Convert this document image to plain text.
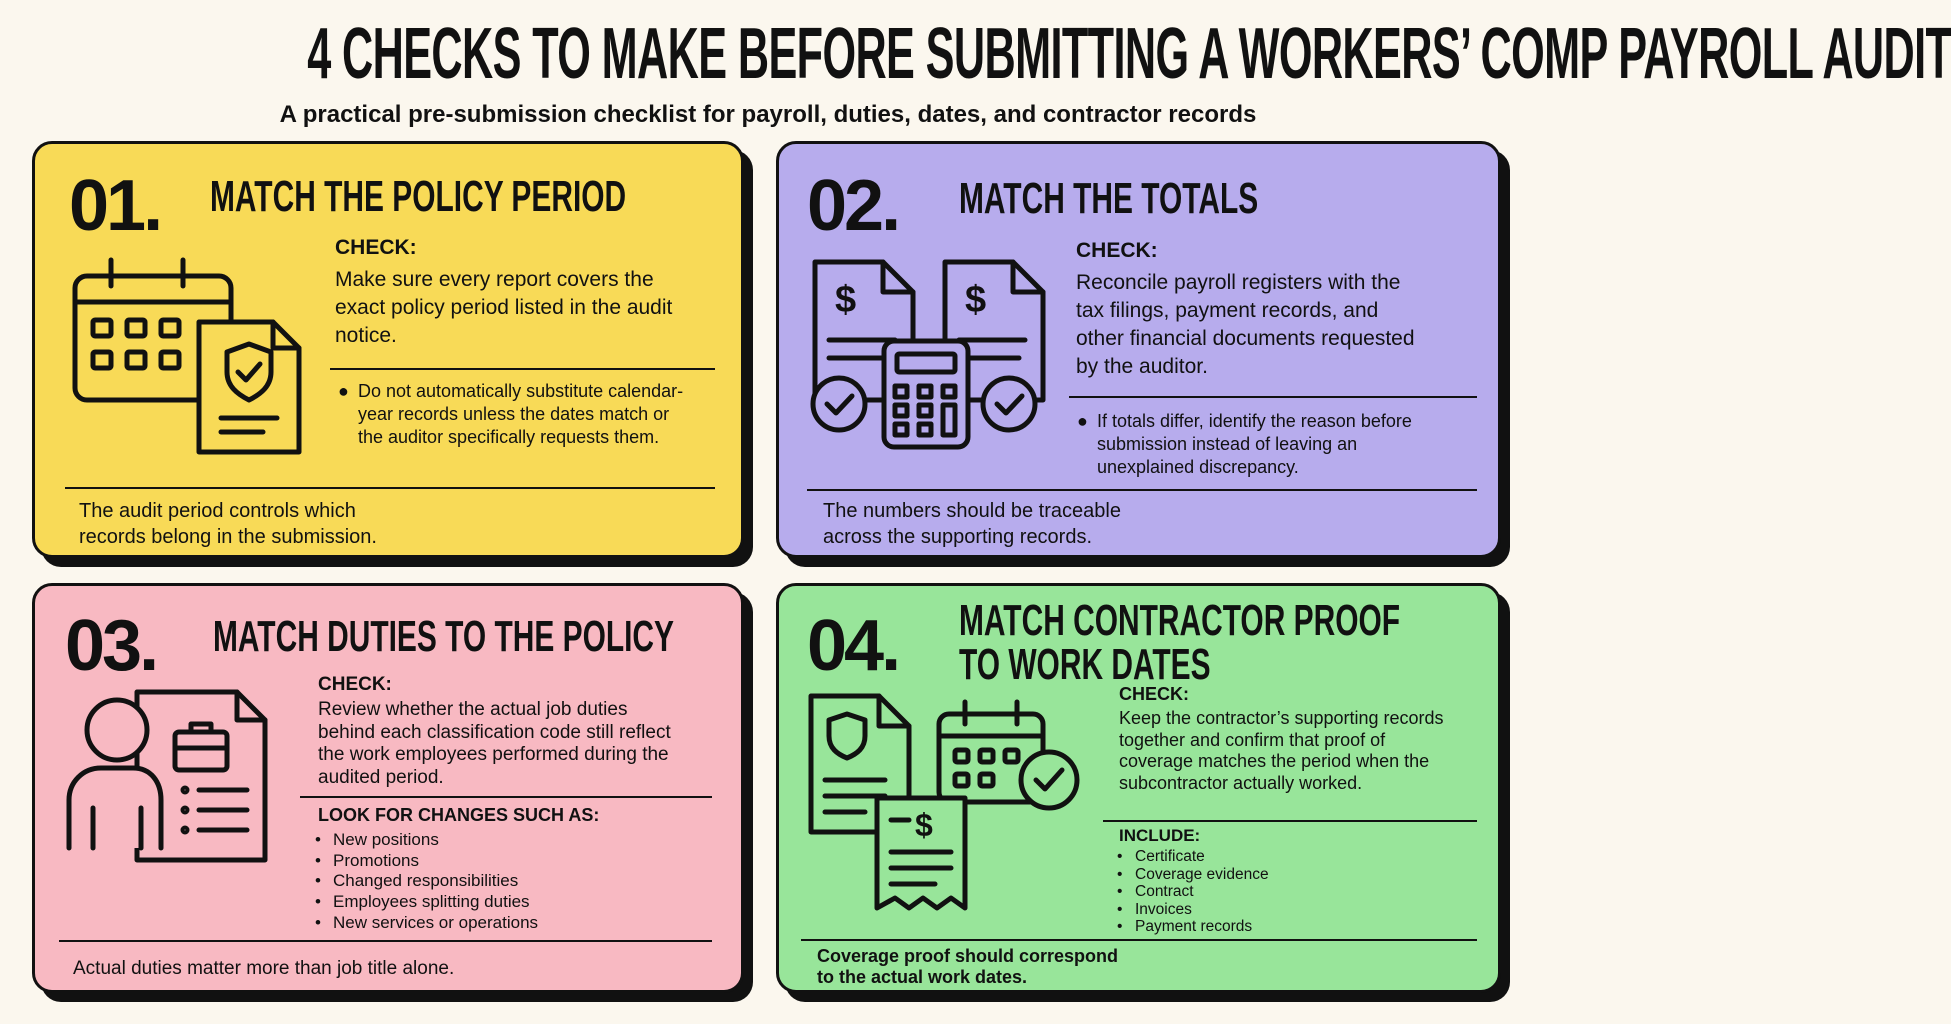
4 CHECKS TO MAKE BEFORE SUBMITTING A WORKERS’ COMP PAYROLL AUDIT
A practical pre-submission checklist for payroll, duties, dates, and contractor records
01. MATCH THE POLICY PERIOD
CHECK:
Make sure every report covers the exact policy period listed in the audit notice.
● Do not automatically substitute calendar-year records unless the dates match or the auditor specifically requests them.
The audit period controls which records belong in the submission.
02. MATCH THE TOTALS
$	$
CHECK:
Reconcile payroll registers with the tax filings, payment records, and other financial documents requested by the auditor.
● If totals differ, identify the reason before submission instead of leaving an unexplained discrepancy.
The numbers should be traceable across the supporting records.
03. MATCH DUTIES TO THE POLICY
CHECK:
Review whether the actual job duties behind each classification code still reflect the work employees performed during the audited period.
LOOK FOR CHANGES SUCH AS:
• New positions
• Promotions
• Changed responsibilities
• Employees splitting duties
• New services or operations
Actual duties matter more than job title alone.
04. MATCH CONTRACTOR PROOF
TO WORK DATES
$
CHECK:
Keep the contractor’s supporting records together and confirm that proof of coverage matches the period when the subcontractor actually worked.
INCLUDE:
• Certificate
• Coverage evidence
• Contract
• Invoices
• Payment records
Coverage proof should correspond to the actual work dates.
